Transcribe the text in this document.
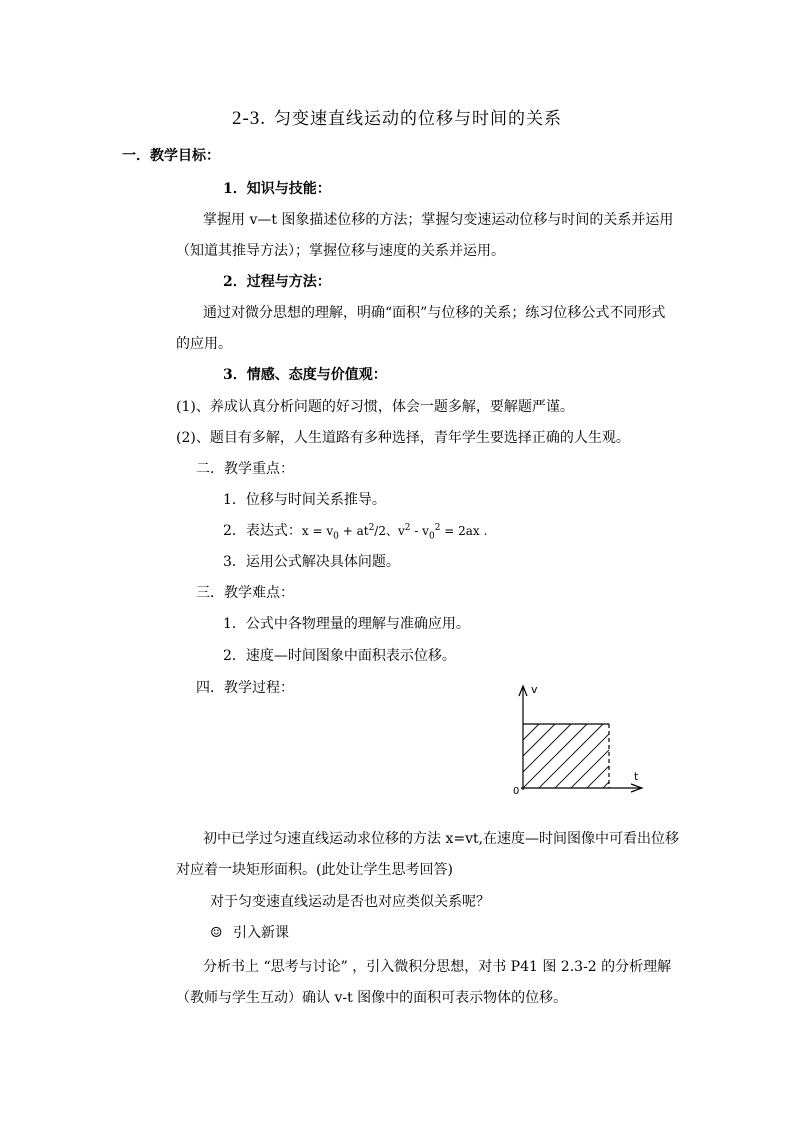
2-3. 匀变速直线运动的位移与时间的关系
一．教学目标：
1．知识与技能：
掌握用 v—t 图象描述位移的方法；掌握匀变速运动位移与时间的关系并运用
（知道其推导方法）；掌握位移与速度的关系并运用。
2．过程与方法：
通过对微分思想的理解，明确“面积”与位移的关系；练习位移公式不同形式
的应用。
3．情感、态度与价值观：
(1)、养成认真分析问题的好习惯，体会一题多解，要解题严谨。
(2)、题目有多解，人生道路有多种选择，青年学生要选择正确的人生观。
二．教学重点：
1．位移与时间关系推导。
2．表达式：$x = v_0 + at^2/2$、$v^2 - v_0^2 = 2ax$ .
3．运用公式解决具体问题。
三．教学难点：
1．公式中各物理量的理解与准确应用。
2．速度—时间图象中面积表示位移。
四．教学过程：	v
t
0
初中已学过匀速直线运动求位移的方法 x=vt,在速度—时间图像中可看出位移
对应着一块矩形面积。(此处让学生思考回答)
对于匀变速直线运动是否也对应类似关系呢？
☺ 引入新课
分析书上 “思考与讨论” ，引入微积分思想，对书 P41 图 2.3-2 的分析理解
（教师与学生互动）确认 v-t 图像中的面积可表示物体的位移。
